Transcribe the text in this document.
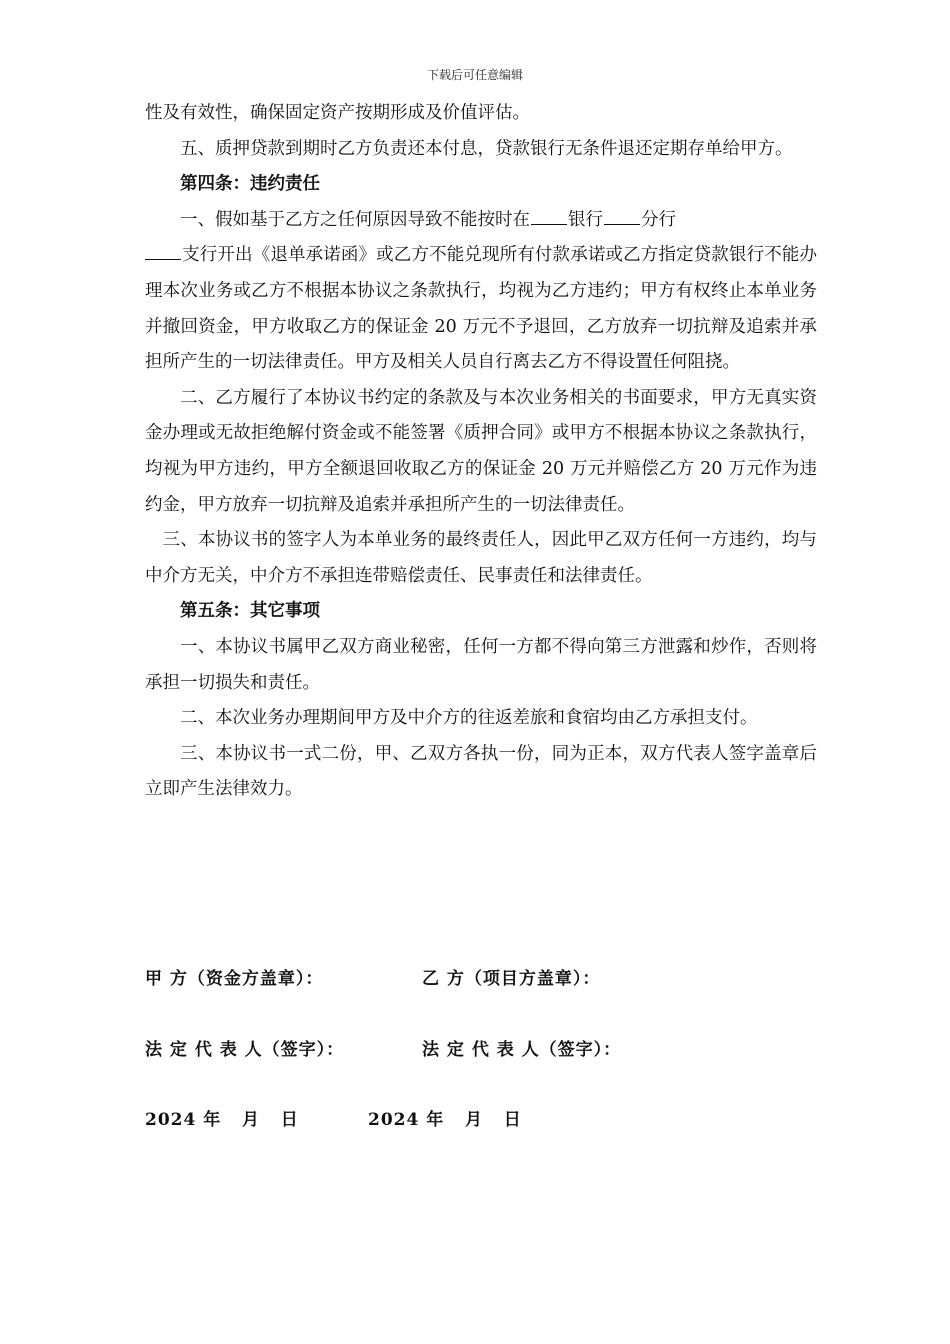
下载后可任意编辑

性及有效性，确保固定资产按期形成及价值评估。

五、质押贷款到期时乙方负责还本付息，贷款银行无条件退还定期存单给甲方。

第四条：违约责任

一、假如基于乙方之任何原因导致不能按时在 银行 分行
支行开出《退单承诺函》或乙方不能兑现所有付款承诺或乙方指定贷款银行不能办理本次业务或乙方不根据本协议之条款执行，均视为乙方违约；甲方有权终止本单业务并撤回资金，甲方收取乙方的保证金 20 万元不予退回，乙方放弃一切抗辩及追索并承担所产生的一切法律责任。甲方及相关人员自行离去乙方不得设置任何阻挠。

二、乙方履行了本协议书约定的条款及与本次业务相关的书面要求，甲方无真实资金办理或无故拒绝解付资金或不能签署《质押合同》或甲方不根据本协议之条款执行，均视为甲方违约，甲方全额退回收取乙方的保证金 20 万元并赔偿乙方 20 万元作为违约金，甲方放弃一切抗辩及追索并承担所产生的一切法律责任。

三、本协议书的签字人为本单业务的最终责任人，因此甲乙双方任何一方违约，均与中介方无关，中介方不承担连带赔偿责任、民事责任和法律责任。

第五条：其它事项

一、本协议书属甲乙双方商业秘密，任何一方都不得向第三方泄露和炒作，否则将承担一切损失和责任。

二、本次业务办理期间甲方及中介方的往返差旅和食宿均由乙方承担支付。

三、本协议书一式二份，甲、乙双方各执一份，同为正本，双方代表人签字盖章后立即产生法律效力。

甲 方（资金方盖章）：	乙 方（项目方盖章）：
法 定 代 表 人（签字）：	法 定 代 表 人（签字）：
2024 年   月   日	2024 年   月   日
